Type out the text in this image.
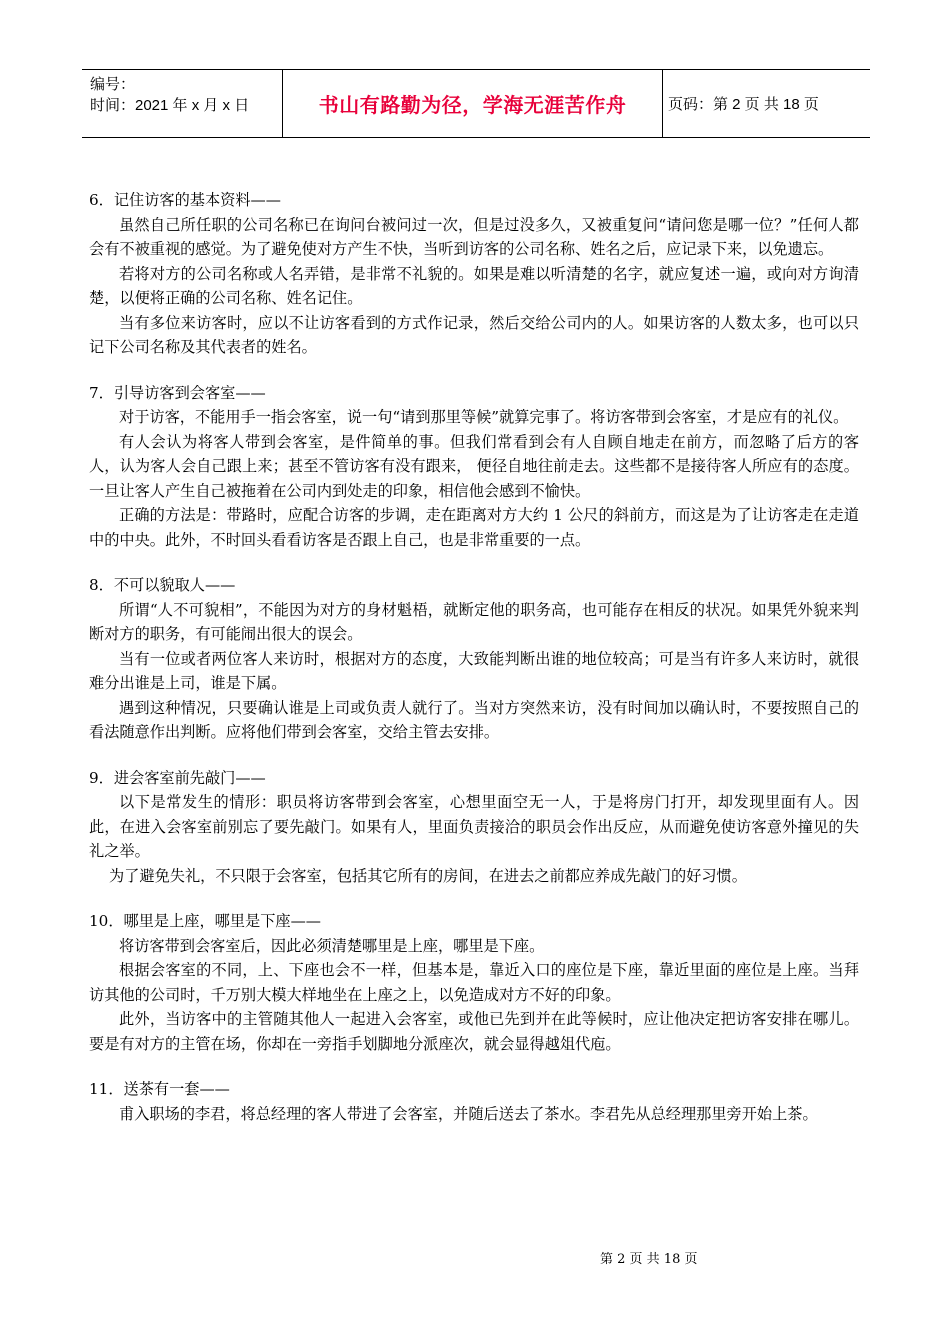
编号：
时间：2021 年 x 月 x 日	书山有路勤为径，学海无涯苦作舟	页码：第 2 页 共 18 页

6．记住访客的基本资料——

虽然自己所任职的公司名称已在询问台被问过一次，但是过没多久，又被重复问“请问您是哪一位？”任何人都会有不被重视的感觉。为了避免使对方产生不快，当听到访客的公司名称、姓名之后，应记录下来，以免遗忘。

若将对方的公司名称或人名弄错，是非常不礼貌的。如果是难以听清楚的名字，就应复述一遍，或向对方询清楚，以便将正确的公司名称、姓名记住。

当有多位来访客时，应以不让访客看到的方式作记录，然后交给公司内的人。如果访客的人数太多，也可以只记下公司名称及其代表者的姓名。

7．引导访客到会客室——

对于访客，不能用手一指会客室，说一句“请到那里等候”就算完事了。将访客带到会客室，才是应有的礼仪。

有人会认为将客人带到会客室，是件简单的事。但我们常看到会有人自顾自地走在前方，而忽略了后方的客人，认为客人会自己跟上来；甚至不管访客有没有跟来， 便径自地往前走去。这些都不是接待客人所应有的态度。一旦让客人产生自己被拖着在公司内到处走的印象，相信他会感到不愉快。

正确的方法是：带路时，应配合访客的步调，走在距离对方大约 1 公尺的斜前方，而这是为了让访客走在走道中的中央。此外，不时回头看看访客是否跟上自己，也是非常重要的一点。

8．不可以貌取人——

所谓“人不可貌相”，不能因为对方的身材魁梧，就断定他的职务高，也可能存在相反的状况。如果凭外貌来判断对方的职务，有可能闹出很大的误会。

当有一位或者两位客人来访时，根据对方的态度，大致能判断出谁的地位较高；可是当有许多人来访时，就很难分出谁是上司，谁是下属。

遇到这种情况，只要确认谁是上司或负责人就行了。当对方突然来访，没有时间加以确认时，不要按照自己的看法随意作出判断。应将他们带到会客室，交给主管去安排。

9．进会客室前先敲门——

以下是常发生的情形：职员将访客带到会客室，心想里面空无一人，于是将房门打开，却发现里面有人。因此，在进入会客室前别忘了要先敲门。如果有人，里面负责接洽的职员会作出反应，从而避免使访客意外撞见的失礼之举。

为了避免失礼，不只限于会客室，包括其它所有的房间，在进去之前都应养成先敲门的好习惯。

10．哪里是上座，哪里是下座——

将访客带到会客室后，因此必须清楚哪里是上座，哪里是下座。

根据会客室的不同，上、下座也会不一样，但基本是，靠近入口的座位是下座，靠近里面的座位是上座。当拜访其他的公司时，千万别大模大样地坐在上座之上，以免造成对方不好的印象。

此外，当访客中的主管随其他人一起进入会客室，或他已先到并在此等候时，应让他决定把访客安排在哪儿。要是有对方的主管在场，你却在一旁指手划脚地分派座次，就会显得越俎代庖。

11．送茶有一套——

甫入职场的李君，将总经理的客人带进了会客室，并随后送去了茶水。李君先从总经理那里旁开始上茶。

第 2 页 共 18 页
